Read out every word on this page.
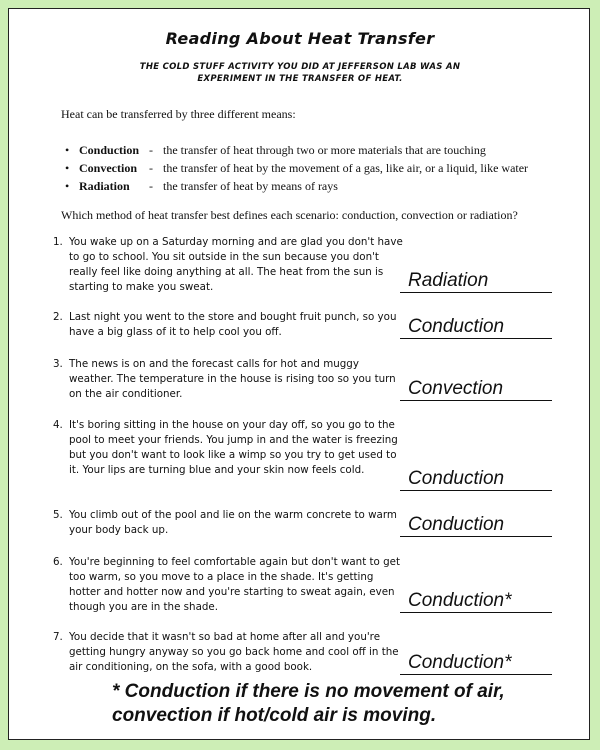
Reading About Heat Transfer
THE COLD STUFF ACTIVITY YOU DID AT JEFFERSON LAB WAS AN
EXPERIMENT IN THE TRANSFER OF HEAT.
Heat can be transferred by three different means:
• Conduction - the transfer of heat through two or more materials that are touching
• Convection - the transfer of heat by the movement of a gas, like air, or a liquid, like water
• Radiation - the transfer of heat by means of rays
Which method of heat transfer best defines each scenario: conduction, convection or radiation?
1. You wake up on a Saturday morning and are glad you don't have to go to school. You sit outside in the sun because you don't really feel like doing anything at all. The heat from the sun is starting to make you sweat.	Radiation
2. Last night you went to the store and bought fruit punch, so you have a big glass of it to help cool you off.	Conduction
3. The news is on and the forecast calls for hot and muggy weather. The temperature in the house is rising too so you turn on the air conditioner.	Convection
4. It's boring sitting in the house on your day off, so you go to the pool to meet your friends. You jump in and the water is freezing but you don't want to look like a wimp so you try to get used to it. Your lips are turning blue and your skin now feels cold.	Conduction
5. You climb out of the pool and lie on the warm concrete to warm your body back up.	Conduction
6. You're beginning to feel comfortable again but don't want to get too warm, so you move to a place in the shade. It's getting hotter and hotter now and you're starting to sweat again, even though you are in the shade.	Conduction*
7. You decide that it wasn't so bad at home after all and you're getting hungry anyway so you go back home and cool off in the air conditioning, on the sofa, with a good book.	Conduction*
* Conduction if there is no movement of air,
convection if hot/cold air is moving.
